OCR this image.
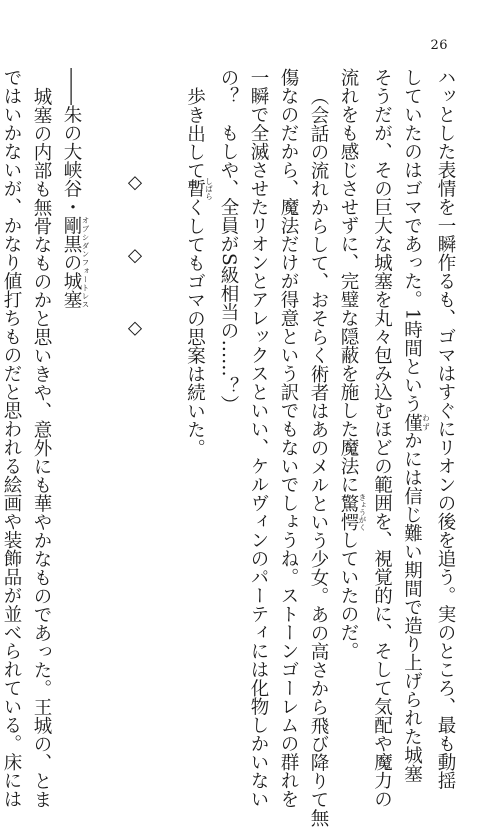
26
ハッとした表情を一瞬作るも、ゴマはすぐにリオンの後を追う。実のところ、最も動揺
していたのはゴマであった。1時間という僅 わずかには信じ難い期間で造り上げられた城塞
そうだが、その巨大な城塞を丸々包み込むほどの範囲を、視覚的に、そして気配や魔力の
流れをも感じさせずに、完璧な隠蔽を施した魔法に驚愕 きょうがくしていたのだ。
（会話の流れからして、おそらく術者はあのメルという少女。あの高さから飛び降りて無
傷なのだから、魔法だけが得意という訳でもないでしょうね。ストーンゴーレムの群れを
一瞬で全滅させたリオンとアレックスといい、ケルヴィンのパーティには化物しかいない
の？　もしや、全員がS級相当の……？）
歩き出して暫 しばらくしてもゴマの思案は続いた。
◇　◇　◇
――朱の大峡谷・剛黒の城塞 オブシダンフォートレス
城塞の内部も無骨なものかと思いきや、意外にも華やかなものであった。王城の、とま
ではいかないが、かなり値打ちものだと思われる絵画や装飾品が並べられている。床には
